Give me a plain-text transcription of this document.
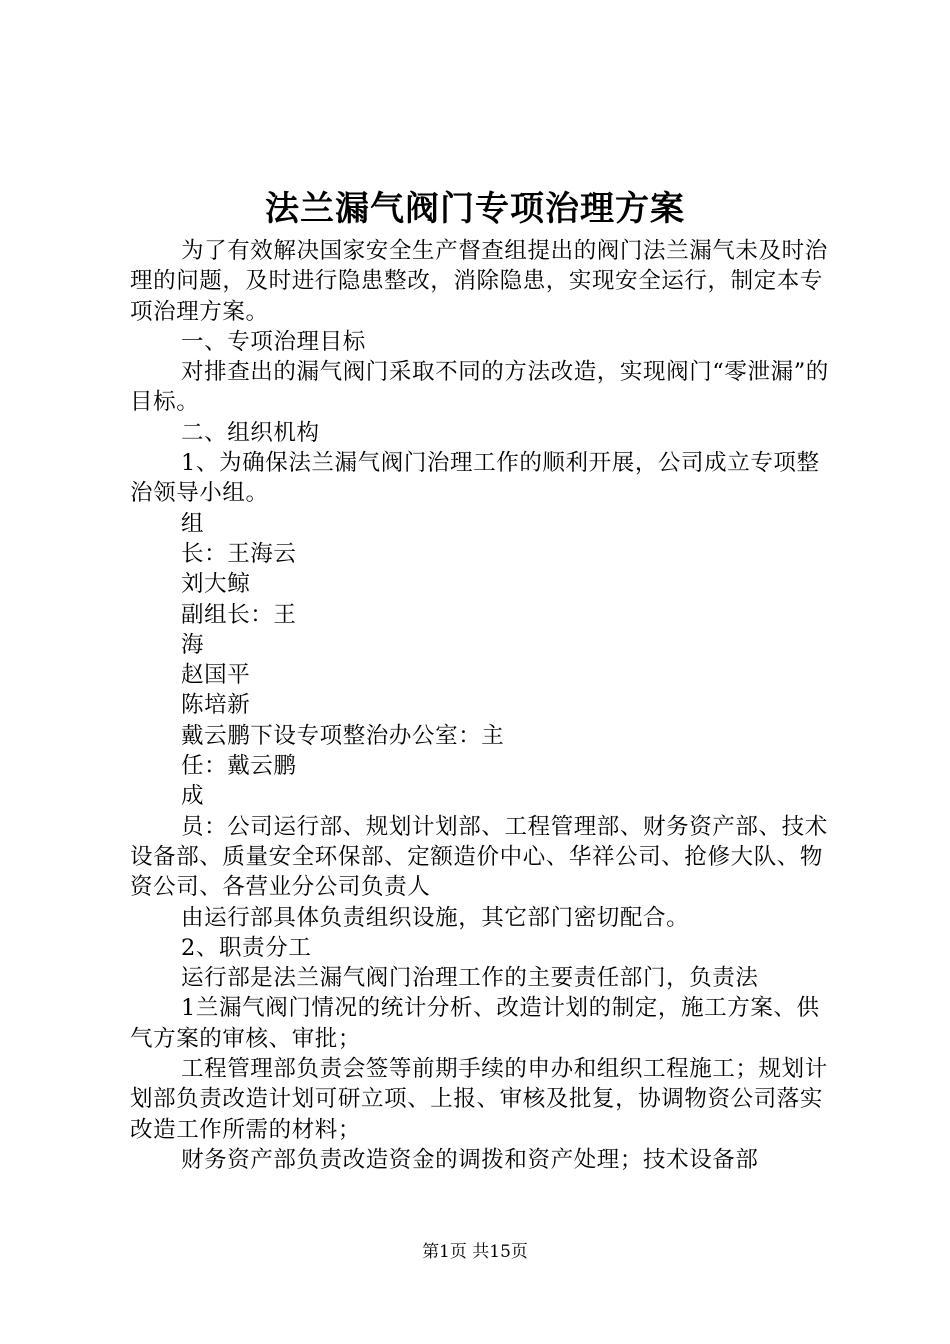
法兰漏气阀门专项治理方案

为了有效解决国家安全生产督查组提出的阀门法兰漏气未及时治理的问题，及时进行隐患整改，消除隐患，实现安全运行，制定本专项治理方案。

一、专项治理目标

对排查出的漏气阀门采取不同的方法改造，实现阀门“零泄漏”的目标。

二、组织机构

1、为确保法兰漏气阀门治理工作的顺利开展，公司成立专项整治领导小组。

组

长：王海云

刘大鲸

副组长：王

海

赵国平

陈培新

戴云鹏下设专项整治办公室：主

任：戴云鹏

成

员：公司运行部、规划计划部、工程管理部、财务资产部、技术设备部、质量安全环保部、定额造价中心、华祥公司、抢修大队、物资公司、各营业分公司负责人

由运行部具体负责组织设施，其它部门密切配合。

2、职责分工

运行部是法兰漏气阀门治理工作的主要责任部门，负责法

1兰漏气阀门情况的统计分析、改造计划的制定，施工方案、供气方案的审核、审批；

工程管理部负责会签等前期手续的申办和组织工程施工；规划计划部负责改造计划可研立项、上报、审核及批复，协调物资公司落实改造工作所需的材料；

财务资产部负责改造资金的调拨和资产处理；技术设备部

第1页 共15页
